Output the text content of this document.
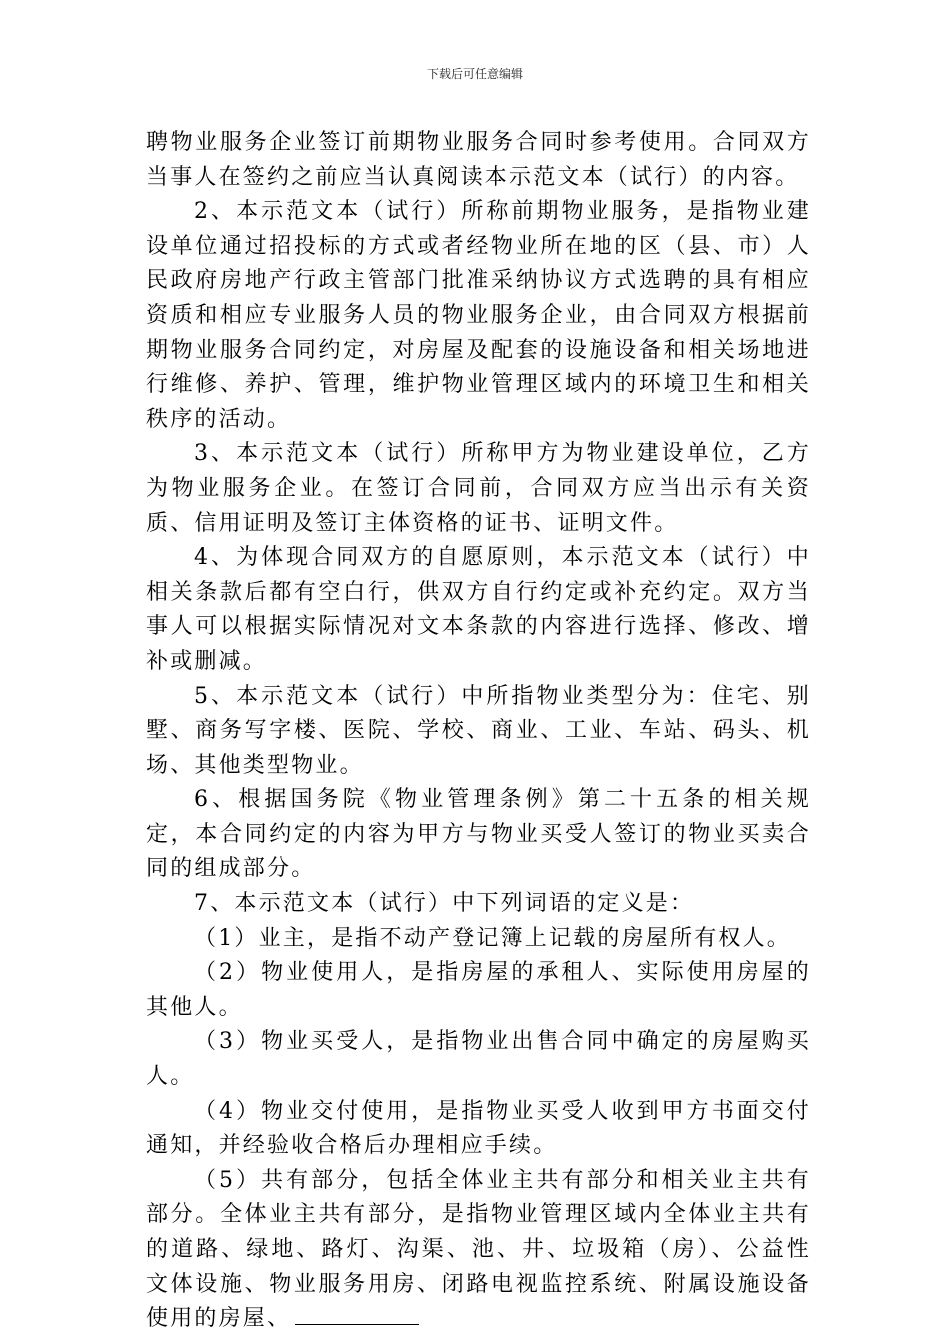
下载后可任意编辑

聘物业服务企业签订前期物业服务合同时参考使用。合同双方当事人在签约之前应当认真阅读本示范文本（试行）的内容。

2、本示范文本（试行）所称前期物业服务，是指物业建设单位通过招投标的方式或者经物业所在地的区（县、市）人民政府房地产行政主管部门批准采纳协议方式选聘的具有相应资质和相应专业服务人员的物业服务企业，由合同双方根据前期物业服务合同约定，对房屋及配套的设施设备和相关场地进行维修、养护、管理，维护物业管理区域内的环境卫生和相关秩序的活动。

3、本示范文本（试行）所称甲方为物业建设单位，乙方为物业服务企业。在签订合同前，合同双方应当出示有关资质、信用证明及签订主体资格的证书、证明文件。

4、为体现合同双方的自愿原则，本示范文本（试行）中相关条款后都有空白行，供双方自行约定或补充约定。双方当事人可以根据实际情况对文本条款的内容进行选择、修改、增补或删减。

5、本示范文本（试行）中所指物业类型分为：住宅、别墅、商务写字楼、医院、学校、商业、工业、车站、码头、机场、其他类型物业。

6、根据国务院《物业管理条例》第二十五条的相关规定，本合同约定的内容为甲方与物业买受人签订的物业买卖合同的组成部分。

7、本示范文本（试行）中下列词语的定义是：

（1）业主，是指不动产登记簿上记载的房屋所有权人。

（2）物业使用人，是指房屋的承租人、实际使用房屋的其他人。

（3）物业买受人，是指物业出售合同中确定的房屋购买人。

（4）物业交付使用，是指物业买受人收到甲方书面交付通知，并经验收合格后办理相应手续。

（5）共有部分，包括全体业主共有部分和相关业主共有部分。全体业主共有部分，是指物业管理区域内全体业主共有的道路、绿地、路灯、沟渠、池、井、垃圾箱（房）、公益性文体设施、物业服务用房、闭路电视监控系统、附属设施设备使用的房屋、
